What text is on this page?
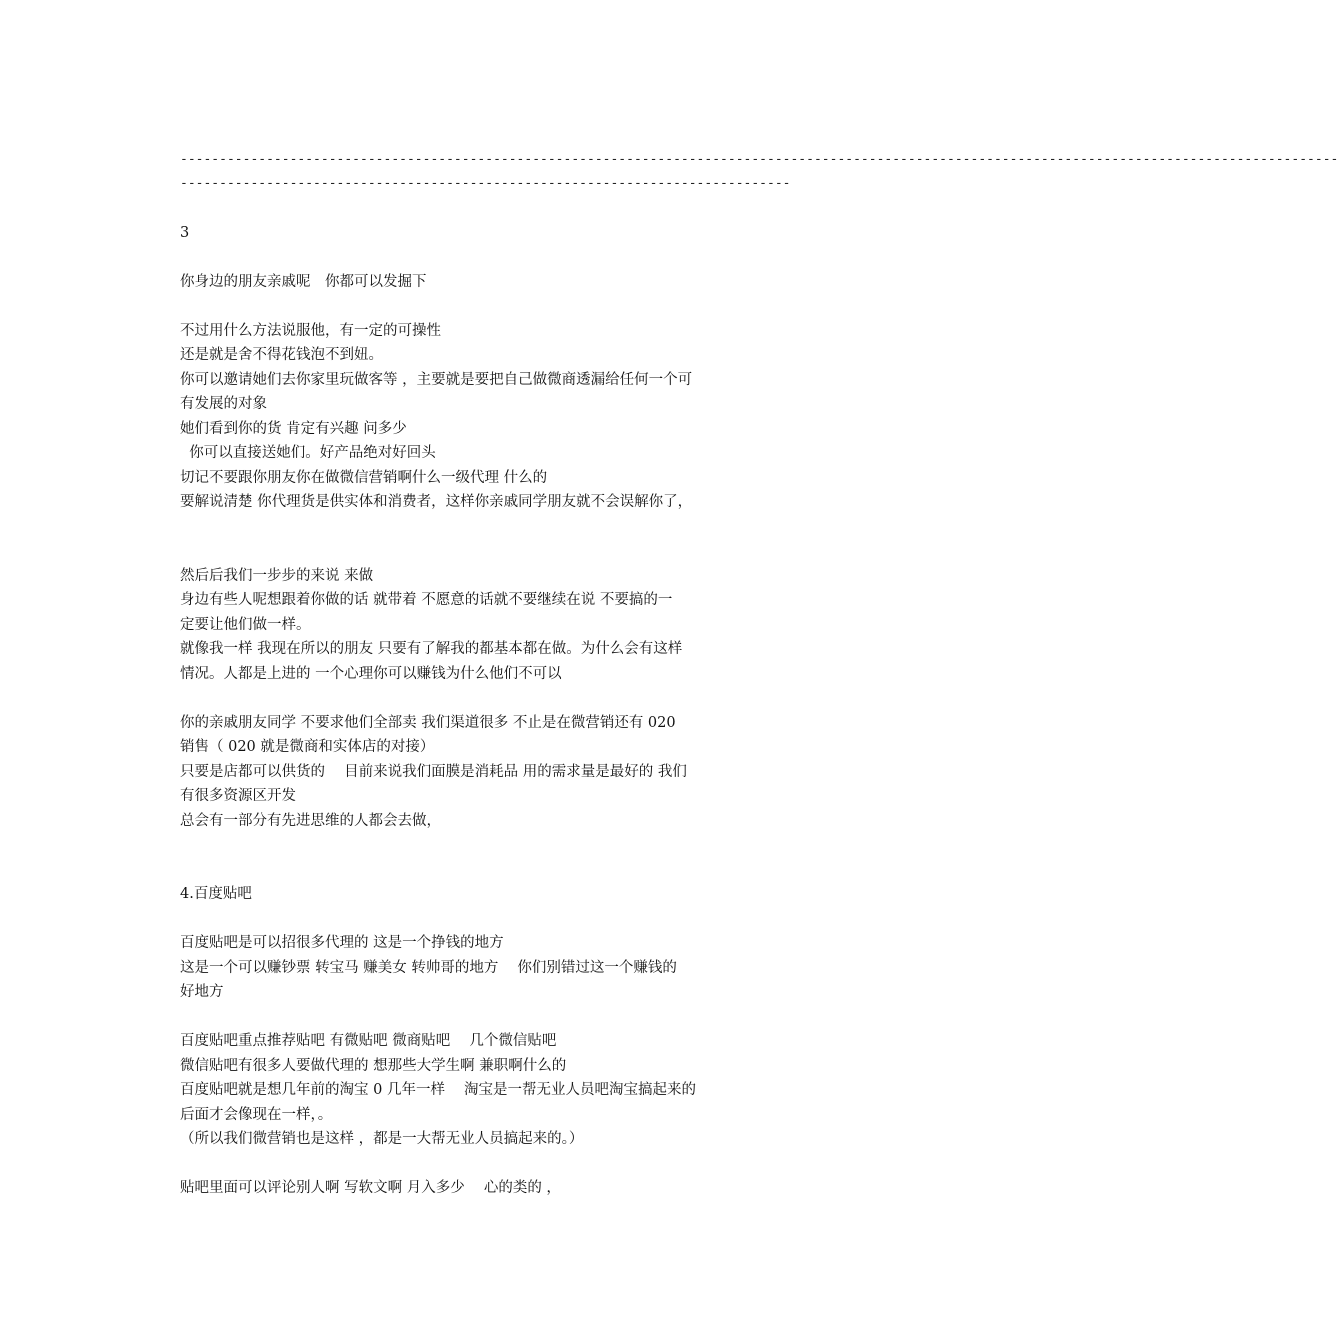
----------------------------------------------------------------------------------------------------------------------------------------------------
------------------------------------------------------------------------------
3
你身边的朋友亲戚呢　你都可以发掘下
不过用什么方法说服他，有一定的可操性
还是就是舍不得花钱泡不到妞。
你可以邀请她们去你家里玩做客等 ，主要就是要把自己做微商透漏给任何一个可
有发展的对象
她们看到你的货 肯定有兴趣 问多少
你可以直接送她们。好产品绝对好回头
切记不要跟你朋友你在做微信营销啊什么一级代理 什么的
要解说清楚 你代理货是供实体和消费者，这样你亲戚同学朋友就不会误解你了，
然后后我们一步步的来说 来做
身边有些人呢想跟着你做的话 就带着 不愿意的话就不要继续在说 不要搞的一
定要让他们做一样。
就像我一样 我现在所以的朋友 只要有了解我的都基本都在做。为什么会有这样
情况。人都是上进的 一个心理你可以赚钱为什么他们不可以
你的亲戚朋友同学 不要求他们全部卖 我们渠道很多 不止是在微营销还有 020
销售（ 020 就是微商和实体店的对接）
只要是店都可以供货的　 目前来说我们面膜是消耗品 用的需求量是最好的 我们
有很多资源区开发
总会有一部分有先进思维的人都会去做，
4.百度贴吧
百度贴吧是可以招很多代理的 这是一个挣钱的地方
这是一个可以赚钞票 转宝马 赚美女 转帅哥的地方　 你们别错过这一个赚钱的
好地方
百度贴吧重点推荐贴吧 有微贴吧 微商贴吧　 几个微信贴吧
微信贴吧有很多人要做代理的 想那些大学生啊 兼职啊什么的
百度贴吧就是想几年前的淘宝 0 几年一样　 淘宝是一帮无业人员吧淘宝搞起来的
后面才会像现在一样，。
（所以我们微营销也是这样 ，都是一大帮无业人员搞起来的。）
贴吧里面可以评论别人啊 写软文啊 月入多少　 心的类的 ，
